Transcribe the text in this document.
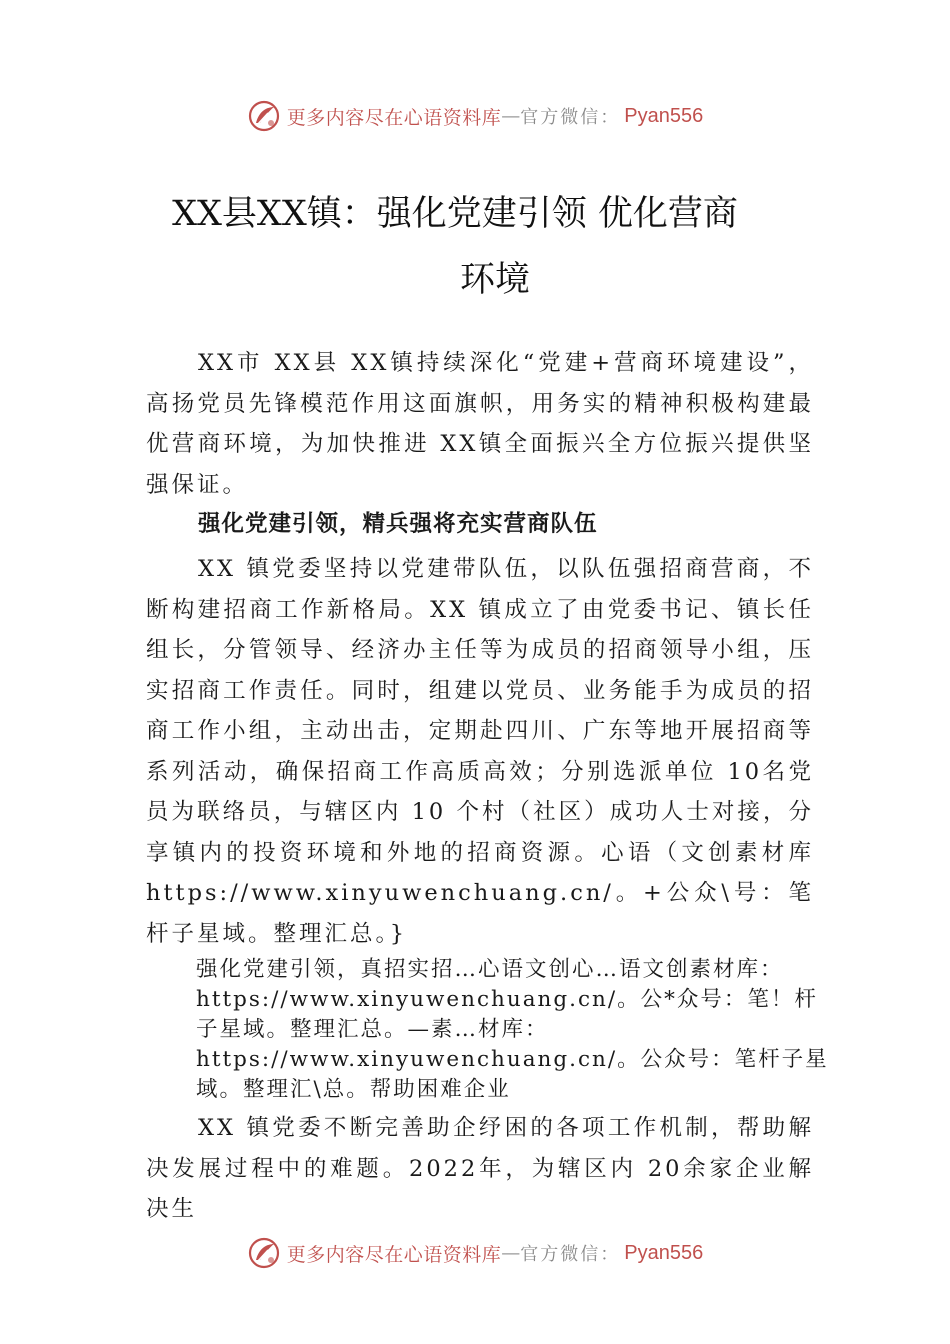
更多内容尽在心语资料库 — 官方微信： Pyan556
XX县XX镇：强化党建引领 优化营商
环境
XX市 XX县 XX镇持续深化“党建+营商环境建设”，高扬党员先锋模范作用这面旗帜，用务实的精神积极构建最优营商环境，为加快推进 XX镇全面振兴全方位振兴提供坚强保证。
强化党建引领，精兵强将充实营商队伍
XX 镇党委坚持以党建带队伍，以队伍强招商营商，不断构建招商工作新格局。XX 镇成立了由党委书记、镇长任组长，分管领导、经济办主任等为成员的招商领导小组，压实招商工作责任。同时，组建以党员、业务能手为成员的招商工作小组，主动出击，定期赴四川、广东等地开展招商等系列活动，确保招商工作高质高效；分别选派单位 10名党员为联络员，与辖区内 10 个村（社区）成功人士对接，分享镇内的投资环境和外地的招商资源。心语（文创素材库https://www.xinyuwenchuang.cn/。+公众\号：笔杆子星域。整理汇总。}
强化党建引领，真招实招…心语文创心…语文创素材库：https://www.xinyuwenchuang.cn/。公*众号：笔！杆子星域。整理汇总。—素…材库：https://www.xinyuwenchuang.cn/。公众号：笔杆子星域。整理汇\总。帮助困难企业
XX 镇党委不断完善助企纾困的各项工作机制，帮助解决发展过程中的难题。2022年，为辖区内 20余家企业解决生
更多内容尽在心语资料库 — 官方微信： Pyan556
